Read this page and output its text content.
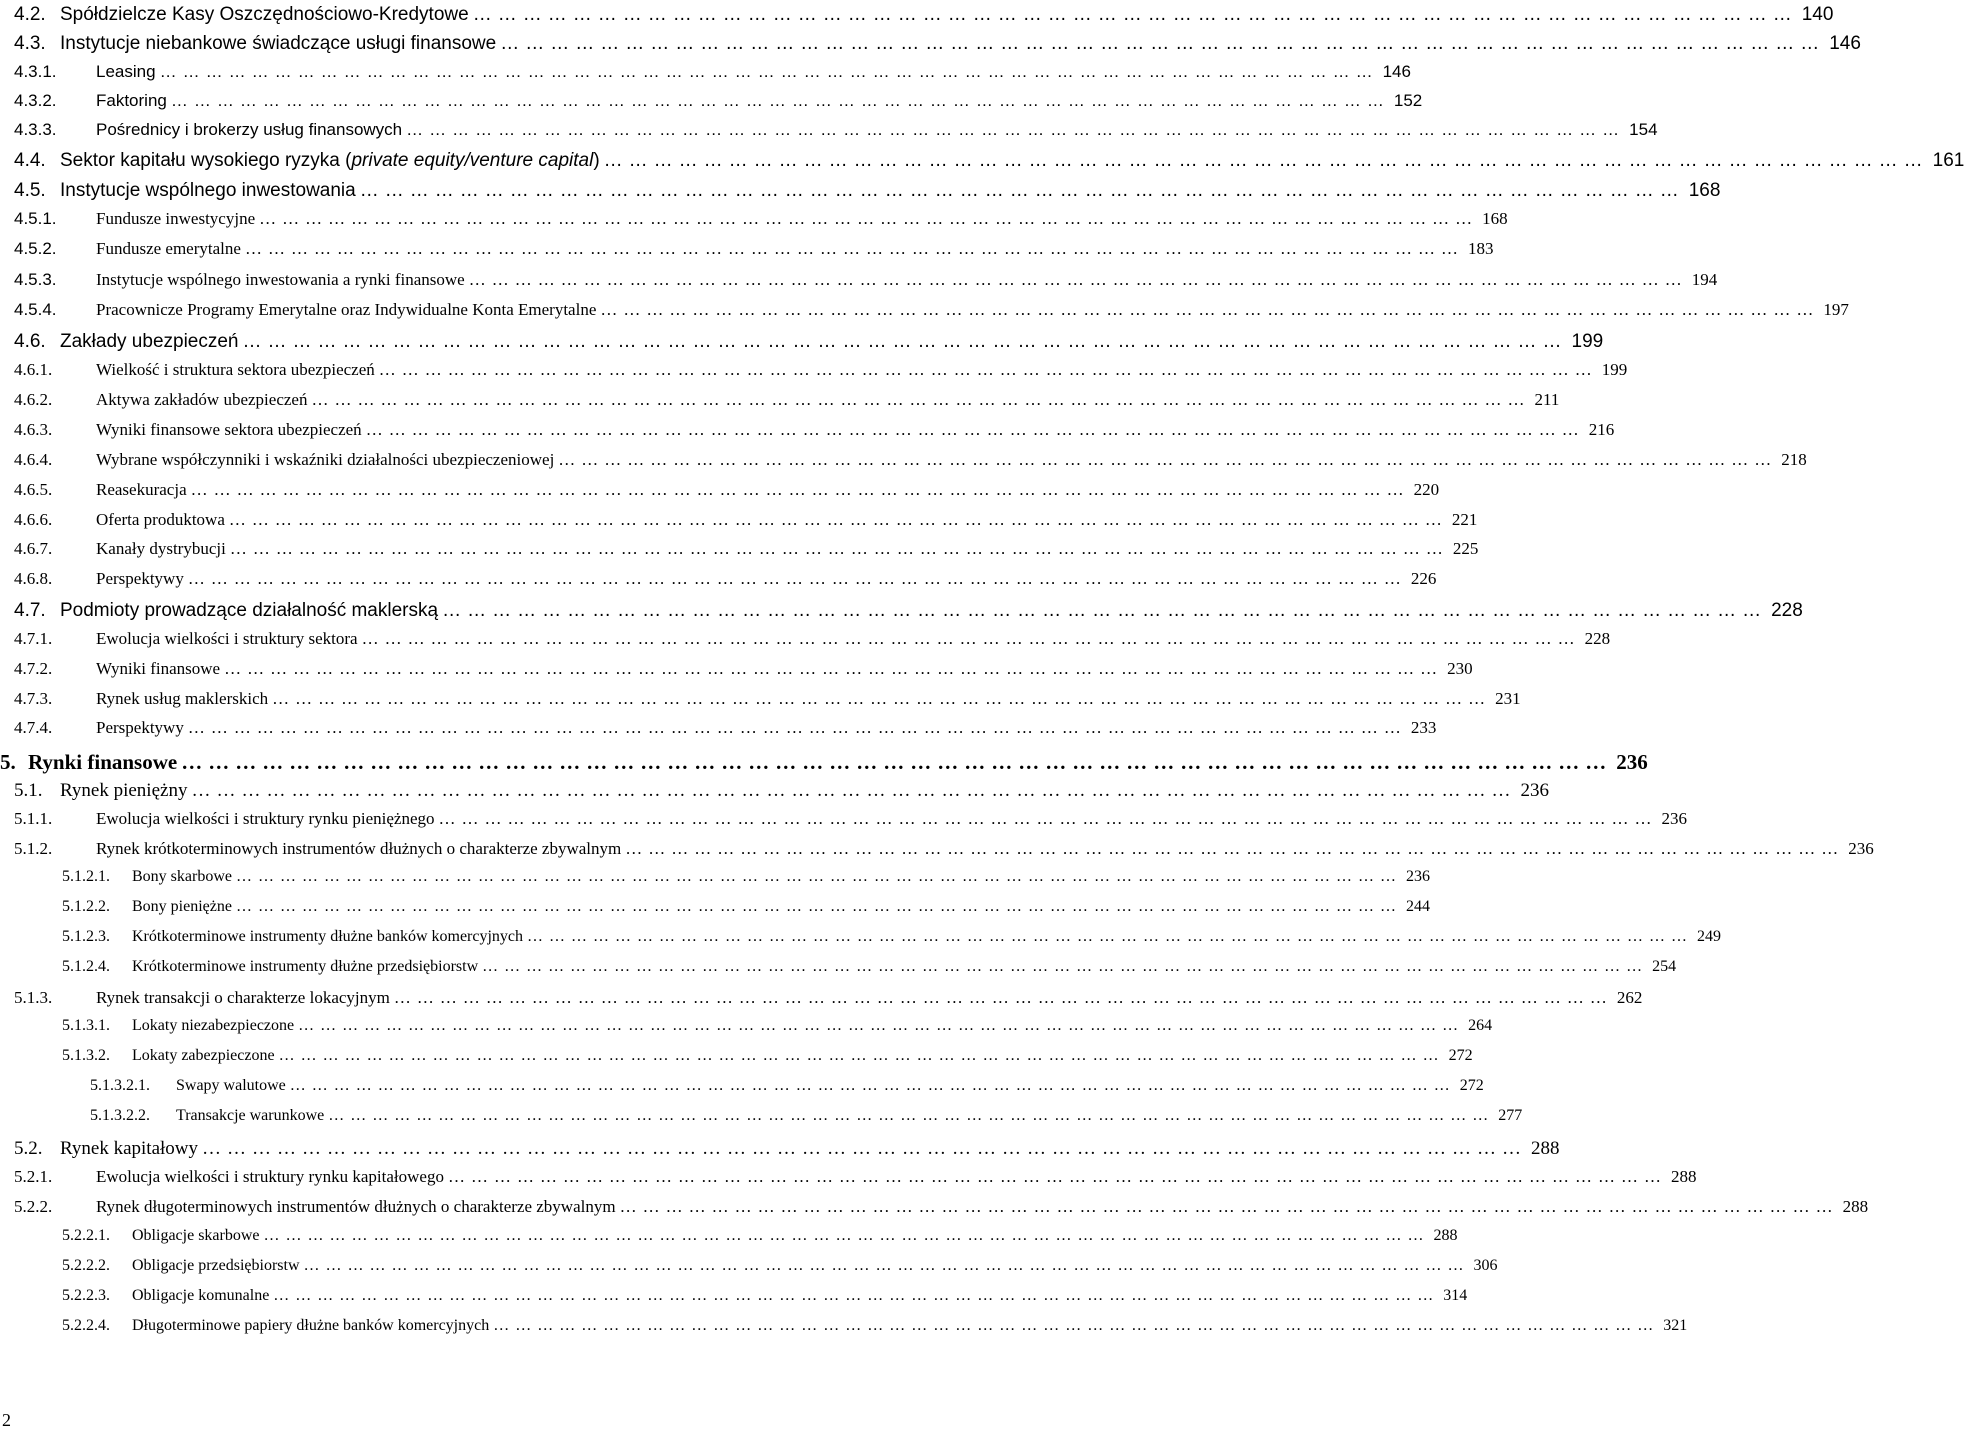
4.2. Spółdzielcze Kasy Oszczędnościowo-Kredytowe …………………………………………………………………………………………………………………………………………… 140
4.3. Instytucje niebankowe świadczące usługi finansowe …………………………………………………………………………………………………………………………………………… 146
4.3.1.	Leasing …………………………………………………………………………………………………………………………………………… 146
4.3.2.	Faktoring …………………………………………………………………………………………………………………………………………… 152
4.3.3.	Pośrednicy i brokerzy usług finansowych …………………………………………………………………………………………………………………………………………… 154
4.4. Sektor kapitału wysokiego ryzyka (private equity/venture capital) …………………………………………………………………………………………………………………………………………… 161
4.5. Instytucje wspólnego inwestowania …………………………………………………………………………………………………………………………………………… 168
4.5.1.	Fundusze inwestycyjne …………………………………………………………………………………………………………………………………………… 168
4.5.2.	Fundusze emerytalne …………………………………………………………………………………………………………………………………………… 183
4.5.3.	Instytucje wspólnego inwestowania a rynki finansowe …………………………………………………………………………………………………………………………………………… 194
4.5.4.	Pracownicze Programy Emerytalne oraz Indywidualne Konta Emerytalne …………………………………………………………………………………………………………………………………………… 197
4.6. Zakłady ubezpieczeń …………………………………………………………………………………………………………………………………………… 199
4.6.1.	Wielkość i struktura sektora ubezpieczeń …………………………………………………………………………………………………………………………………………… 199
4.6.2.	Aktywa zakładów ubezpieczeń …………………………………………………………………………………………………………………………………………… 211
4.6.3.	Wyniki finansowe sektora ubezpieczeń …………………………………………………………………………………………………………………………………………… 216
4.6.4.	Wybrane współczynniki i wskaźniki działalności ubezpieczeniowej …………………………………………………………………………………………………………………………………………… 218
4.6.5.	Reasekuracja …………………………………………………………………………………………………………………………………………… 220
4.6.6.	Oferta produktowa …………………………………………………………………………………………………………………………………………… 221
4.6.7.	Kanały dystrybucji …………………………………………………………………………………………………………………………………………… 225
4.6.8.	Perspektywy …………………………………………………………………………………………………………………………………………… 226
4.7. Podmioty prowadzące działalność maklerską …………………………………………………………………………………………………………………………………………… 228
4.7.1.	Ewolucja wielkości i struktury sektora …………………………………………………………………………………………………………………………………………… 228
4.7.2.	Wyniki finansowe …………………………………………………………………………………………………………………………………………… 230
4.7.3.	Rynek usług maklerskich …………………………………………………………………………………………………………………………………………… 231
4.7.4.	Perspektywy …………………………………………………………………………………………………………………………………………… 233
5. Rynki finansowe …………………………………………………………………………………………………………………………………………… 236
5.1. Rynek pieniężny …………………………………………………………………………………………………………………………………………… 236
5.1.1.	Ewolucja wielkości i struktury rynku pieniężnego …………………………………………………………………………………………………………………………………………… 236
5.1.2.	Rynek krótkoterminowych instrumentów dłużnych o charakterze zbywalnym …………………………………………………………………………………………………………………………………………… 236
5.1.2.1.	Bony skarbowe …………………………………………………………………………………………………………………………………………… 236
5.1.2.2.	Bony pieniężne …………………………………………………………………………………………………………………………………………… 244
5.1.2.3.	Krótkoterminowe instrumenty dłużne banków komercyjnych …………………………………………………………………………………………………………………………………………… 249
5.1.2.4.	Krótkoterminowe instrumenty dłużne przedsiębiorstw …………………………………………………………………………………………………………………………………………… 254
5.1.3.	Rynek transakcji o charakterze lokacyjnym …………………………………………………………………………………………………………………………………………… 262
5.1.3.1.	Lokaty niezabezpieczone …………………………………………………………………………………………………………………………………………… 264
5.1.3.2.	Lokaty zabezpieczone …………………………………………………………………………………………………………………………………………… 272
5.1.3.2.1.	Swapy walutowe …………………………………………………………………………………………………………………………………………… 272
5.1.3.2.2.	Transakcje warunkowe …………………………………………………………………………………………………………………………………………… 277
5.2. Rynek kapitałowy …………………………………………………………………………………………………………………………………………… 288
5.2.1.	Ewolucja wielkości i struktury rynku kapitałowego …………………………………………………………………………………………………………………………………………… 288
5.2.2.	Rynek długoterminowych instrumentów dłużnych o charakterze zbywalnym …………………………………………………………………………………………………………………………………………… 288
5.2.2.1.	Obligacje skarbowe …………………………………………………………………………………………………………………………………………… 288
5.2.2.2.	Obligacje przedsiębiorstw …………………………………………………………………………………………………………………………………………… 306
5.2.2.3.	Obligacje komunalne …………………………………………………………………………………………………………………………………………… 314
5.2.2.4.	Długoterminowe papiery dłużne banków komercyjnych …………………………………………………………………………………………………………………………………………… 321
2
